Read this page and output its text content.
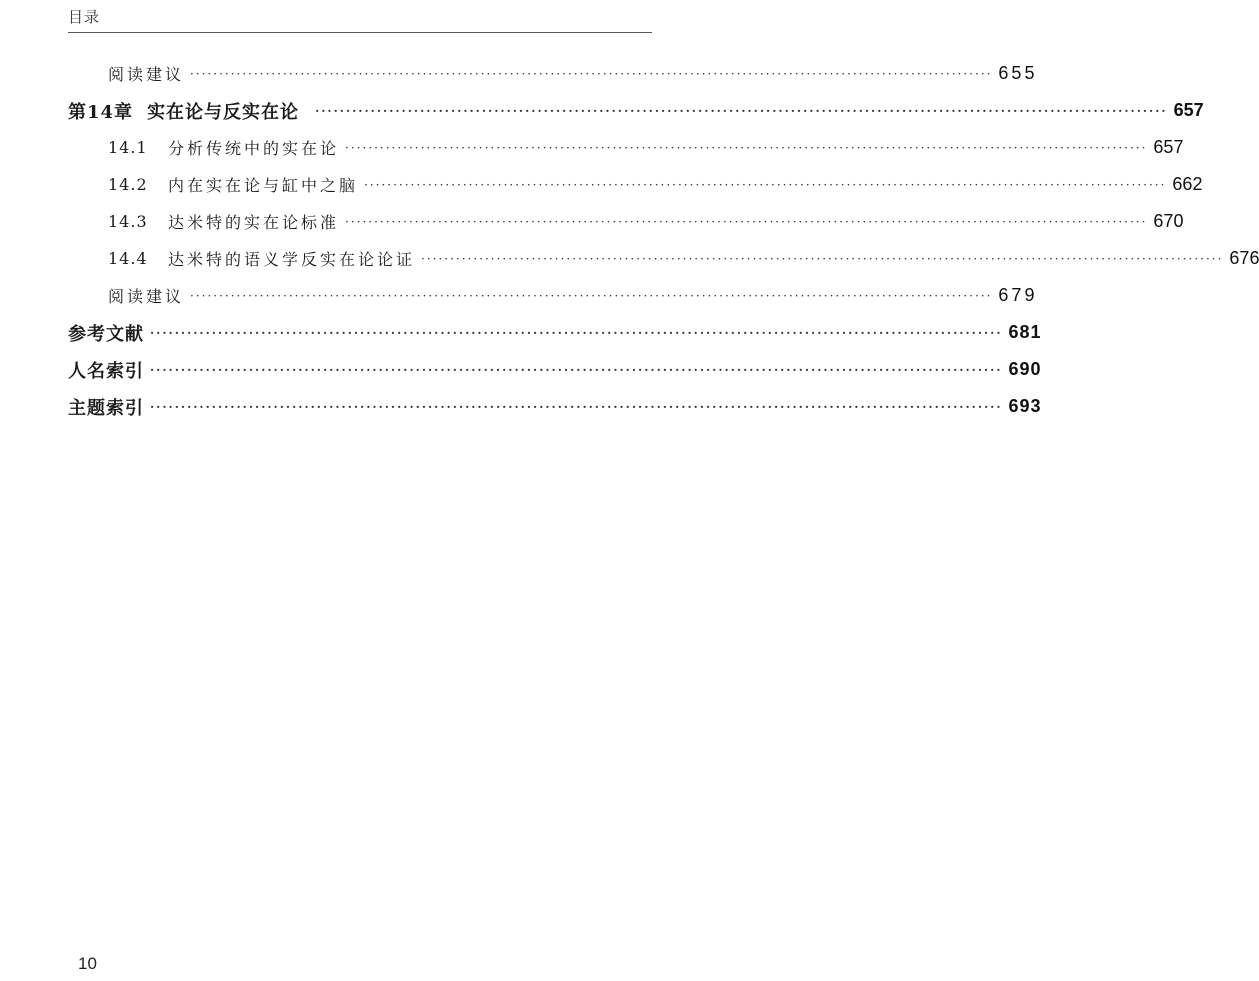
目录
阅读建议 ·········································································································································· 655
第14章 实在论与反实在论 ·········································································································································· 657
14.1	分析传统中的实在论 ·········································································································································· 657
14.2	内在实在论与缸中之脑 ·········································································································································· 662
14.3	达米特的实在论标准 ·········································································································································· 670
14.4	达米特的语义学反实在论论证 ·········································································································································· 676
阅读建议 ·········································································································································· 679
参考文献 ·········································································································································· 681
人名索引 ·········································································································································· 690
主题索引 ·········································································································································· 693
10
